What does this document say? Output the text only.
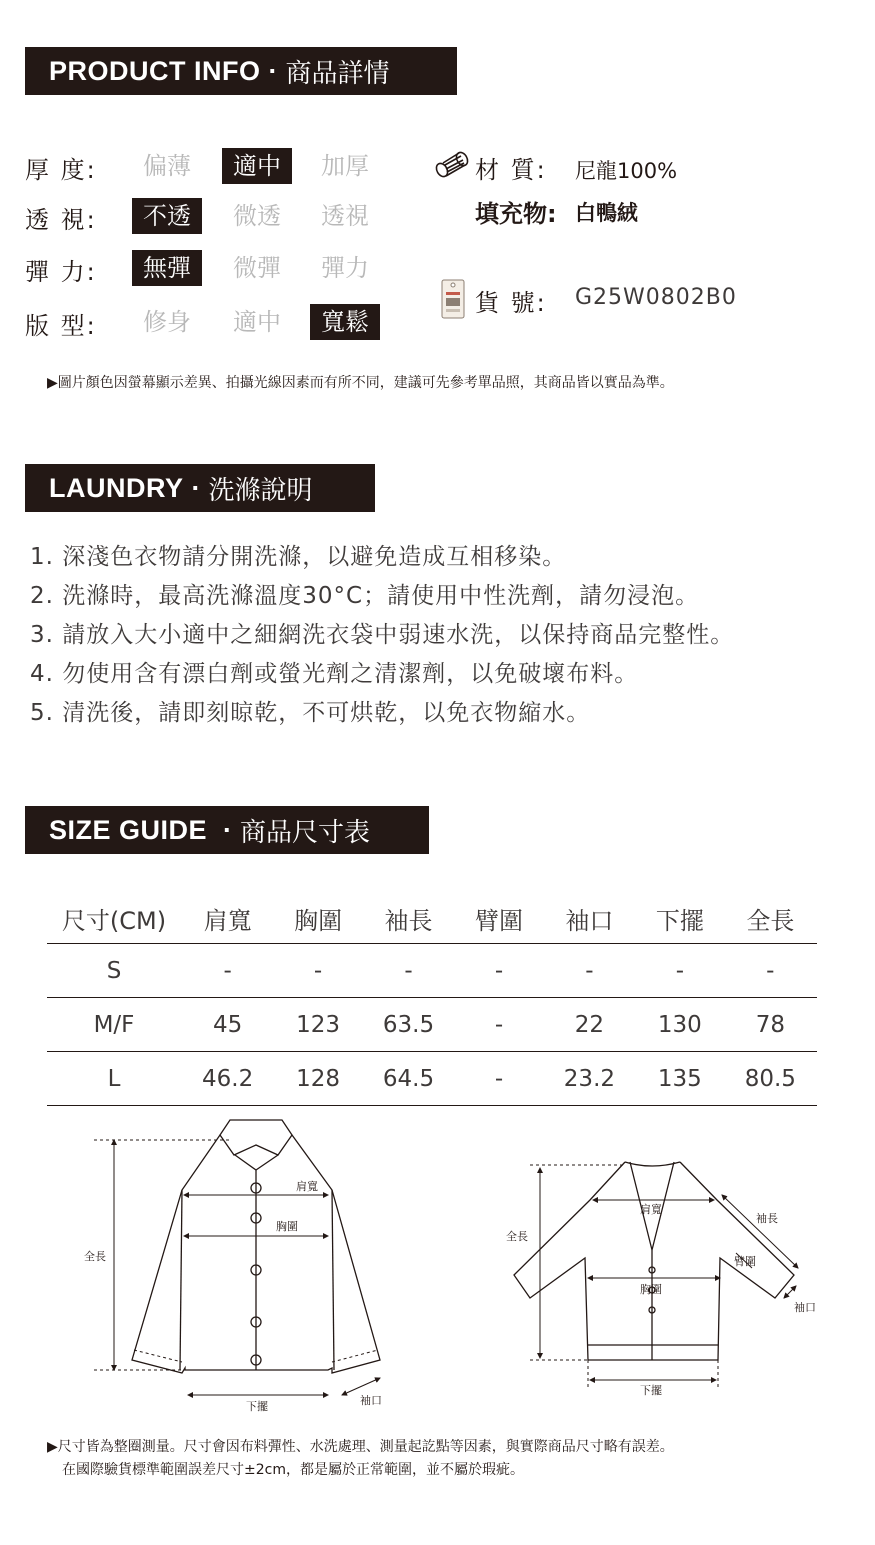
PRODUCT INFO · 商品詳情
厚 度:	偏薄	適中	加厚
透 視:	不透	微透	透視
彈 力:	無彈	微彈	彈力
版 型:	修身	適中	寬鬆
材 質: 尼龍100%
填充物: 白鴨絨
貨 號: G25W0802B0
▶圖片顏色因螢幕顯示差異、拍攝光線因素而有所不同，建議可先參考單品照，其商品皆以實品為準。
LAUNDRY · 洗滌說明
1. 深淺色衣物請分開洗滌，以避免造成互相移染。
2. 洗滌時，最高洗滌溫度30°C；請使用中性洗劑，請勿浸泡。
3. 請放入大小適中之細網洗衣袋中弱速水洗，以保持商品完整性。
4. 勿使用含有漂白劑或螢光劑之清潔劑，以免破壞布料。
5. 清洗後，請即刻晾乾，不可烘乾，以免衣物縮水。
SIZE GUIDE · 商品尺寸表
尺寸(CM)	肩寬	胸圍	袖長	臂圍	袖口	下擺	全長
S	-	-	-	-	-	-	-
M/F	45	123	63.5	-	22	130	78
L	46.2	128	64.5	-	23.2	135	80.5
肩寬
胸圍
全長
下擺	袖口
肩寬
袖長
臂圍
全長
胸圍
袖口
下擺
▶尺寸皆為整圈測量。尺寸會因布料彈性、水洗處理、測量起訖點等因素，與實際商品尺寸略有誤差。
在國際驗貨標準範圍誤差尺寸±2cm，都是屬於正常範圍，並不屬於瑕疵。
